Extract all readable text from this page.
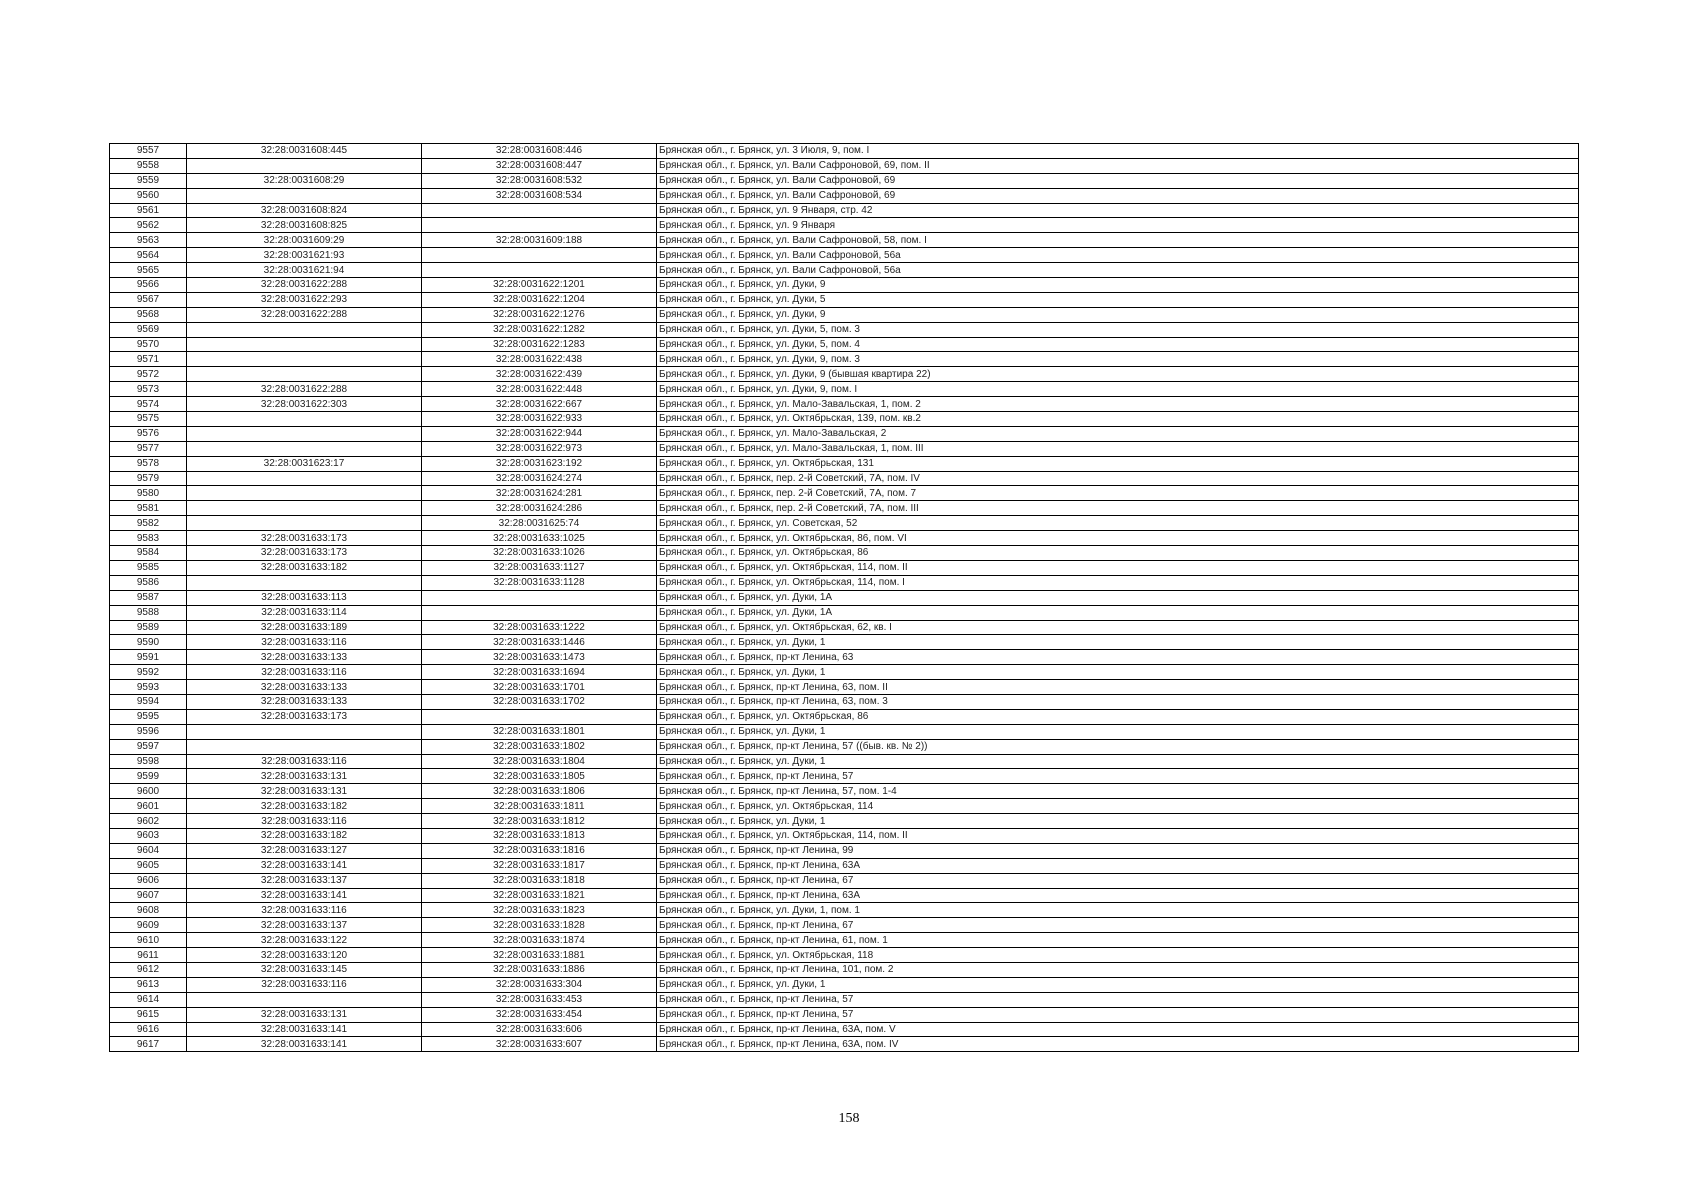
9557	32:28:0031608:445	32:28:0031608:446	Брянская обл., г. Брянск, ул. 3 Июля, 9, пом. I
9558		32:28:0031608:447	Брянская обл., г. Брянск, ул. Вали Сафроновой, 69, пом. II
9559	32:28:0031608:29	32:28:0031608:532	Брянская обл., г. Брянск, ул. Вали Сафроновой, 69
9560		32:28:0031608:534	Брянская обл., г. Брянск, ул. Вали Сафроновой, 69
9561	32:28:0031608:824		Брянская обл., г. Брянск, ул. 9 Января, стр. 42
9562	32:28:0031608:825		Брянская обл., г. Брянск, ул. 9 Января
9563	32:28:0031609:29	32:28:0031609:188	Брянская обл., г. Брянск, ул. Вали Сафроновой, 58, пом. I
9564	32:28:0031621:93		Брянская обл., г. Брянск, ул. Вали Сафроновой, 56а
9565	32:28:0031621:94		Брянская обл., г. Брянск, ул. Вали Сафроновой, 56а
9566	32:28:0031622:288	32:28:0031622:1201	Брянская обл., г. Брянск, ул. Дуки, 9
9567	32:28:0031622:293	32:28:0031622:1204	Брянская обл., г. Брянск, ул. Дуки, 5
9568	32:28:0031622:288	32:28:0031622:1276	Брянская обл., г. Брянск, ул. Дуки, 9
9569		32:28:0031622:1282	Брянская обл., г. Брянск, ул. Дуки, 5, пом. 3
9570		32:28:0031622:1283	Брянская обл., г. Брянск, ул. Дуки, 5, пом. 4
9571		32:28:0031622:438	Брянская обл., г. Брянск, ул. Дуки, 9, пом. 3
9572		32:28:0031622:439	Брянская обл., г. Брянск, ул. Дуки, 9 (бывшая квартира 22)
9573	32:28:0031622:288	32:28:0031622:448	Брянская обл., г. Брянск, ул. Дуки, 9, пом. I
9574	32:28:0031622:303	32:28:0031622:667	Брянская обл., г. Брянск, ул. Мало-Завальская, 1, пом. 2
9575		32:28:0031622:933	Брянская обл., г. Брянск, ул. Октябрьская, 139, пом. кв.2
9576		32:28:0031622:944	Брянская обл., г. Брянск, ул. Мало-Завальская, 2
9577		32:28:0031622:973	Брянская обл., г. Брянск, ул. Мало-Завальская, 1, пом. III
9578	32:28:0031623:17	32:28:0031623:192	Брянская обл., г. Брянск, ул. Октябрьская, 131
9579		32:28:0031624:274	Брянская обл., г. Брянск, пер. 2-й Советский, 7А, пом. IV
9580		32:28:0031624:281	Брянская обл., г. Брянск, пер. 2-й Советский, 7А, пом. 7
9581		32:28:0031624:286	Брянская обл., г. Брянск, пер. 2-й Советский, 7А, пом. III
9582		32:28:0031625:74	Брянская обл., г. Брянск, ул. Советская, 52
9583	32:28:0031633:173	32:28:0031633:1025	Брянская обл., г. Брянск, ул. Октябрьская, 86, пом. VI
9584	32:28:0031633:173	32:28:0031633:1026	Брянская обл., г. Брянск, ул. Октябрьская, 86
9585	32:28:0031633:182	32:28:0031633:1127	Брянская обл., г. Брянск, ул. Октябрьская, 114, пом. II
9586		32:28:0031633:1128	Брянская обл., г. Брянск, ул. Октябрьская, 114, пом. I
9587	32:28:0031633:113		Брянская обл., г. Брянск, ул. Дуки, 1А
9588	32:28:0031633:114		Брянская обл., г. Брянск, ул. Дуки, 1А
9589	32:28:0031633:189	32:28:0031633:1222	Брянская обл., г. Брянск, ул. Октябрьская, 62, кв. I
9590	32:28:0031633:116	32:28:0031633:1446	Брянская обл., г. Брянск, ул. Дуки, 1
9591	32:28:0031633:133	32:28:0031633:1473	Брянская обл., г. Брянск, пр-кт Ленина, 63
9592	32:28:0031633:116	32:28:0031633:1694	Брянская обл., г. Брянск, ул. Дуки, 1
9593	32:28:0031633:133	32:28:0031633:1701	Брянская обл., г. Брянск, пр-кт Ленина, 63, пом. II
9594	32:28:0031633:133	32:28:0031633:1702	Брянская обл., г. Брянск, пр-кт Ленина, 63, пом. 3
9595	32:28:0031633:173		Брянская обл., г. Брянск, ул. Октябрьская, 86
9596		32:28:0031633:1801	Брянская обл., г. Брянск, ул. Дуки, 1
9597		32:28:0031633:1802	Брянская обл., г. Брянск, пр-кт Ленина, 57 ((быв. кв. № 2))
9598	32:28:0031633:116	32:28:0031633:1804	Брянская обл., г. Брянск, ул. Дуки, 1
9599	32:28:0031633:131	32:28:0031633:1805	Брянская обл., г. Брянск, пр-кт Ленина, 57
9600	32:28:0031633:131	32:28:0031633:1806	Брянская обл., г. Брянск, пр-кт Ленина, 57, пом. 1-4
9601	32:28:0031633:182	32:28:0031633:1811	Брянская обл., г. Брянск, ул. Октябрьская, 114
9602	32:28:0031633:116	32:28:0031633:1812	Брянская обл., г. Брянск, ул. Дуки, 1
9603	32:28:0031633:182	32:28:0031633:1813	Брянская обл., г. Брянск, ул. Октябрьская, 114, пом. II
9604	32:28:0031633:127	32:28:0031633:1816	Брянская обл., г. Брянск, пр-кт Ленина, 99
9605	32:28:0031633:141	32:28:0031633:1817	Брянская обл., г. Брянск, пр-кт Ленина, 63А
9606	32:28:0031633:137	32:28:0031633:1818	Брянская обл., г. Брянск, пр-кт Ленина, 67
9607	32:28:0031633:141	32:28:0031633:1821	Брянская обл., г. Брянск, пр-кт Ленина, 63А
9608	32:28:0031633:116	32:28:0031633:1823	Брянская обл., г. Брянск, ул. Дуки, 1, пом. 1
9609	32:28:0031633:137	32:28:0031633:1828	Брянская обл., г. Брянск, пр-кт Ленина, 67
9610	32:28:0031633:122	32:28:0031633:1874	Брянская обл., г. Брянск, пр-кт Ленина, 61, пом. 1
9611	32:28:0031633:120	32:28:0031633:1881	Брянская обл., г. Брянск, ул. Октябрьская, 118
9612	32:28:0031633:145	32:28:0031633:1886	Брянская обл., г. Брянск, пр-кт Ленина, 101, пом. 2
9613	32:28:0031633:116	32:28:0031633:304	Брянская обл., г. Брянск, ул. Дуки, 1
9614		32:28:0031633:453	Брянская обл., г. Брянск, пр-кт Ленина, 57
9615	32:28:0031633:131	32:28:0031633:454	Брянская обл., г. Брянск, пр-кт Ленина, 57
9616	32:28:0031633:141	32:28:0031633:606	Брянская обл., г. Брянск, пр-кт Ленина, 63А, пом. V
9617	32:28:0031633:141	32:28:0031633:607	Брянская обл., г. Брянск, пр-кт Ленина, 63А, пом. IV
158
